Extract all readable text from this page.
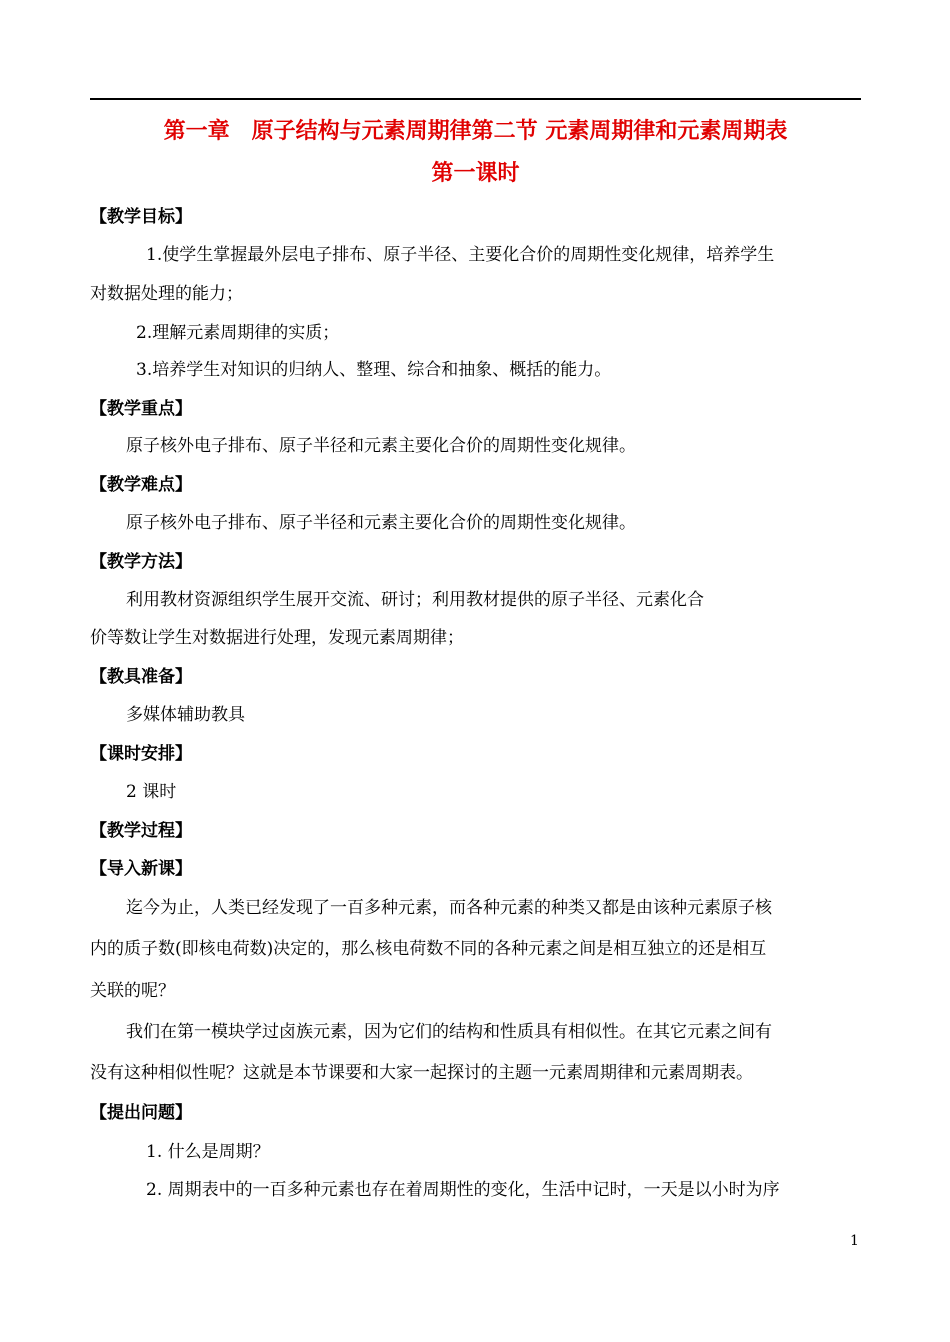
第一章　原子结构与元素周期律第二节 元素周期律和元素周期表
第一课时
【教学目标】
1.使学生掌握最外层电子排布、原子半径、主要化合价的周期性变化规律，培养学生
对数据处理的能力；
2.理解元素周期律的实质；
3.培养学生对知识的归纳人、整理、综合和抽象、概括的能力。
【教学重点】
原子核外电子排布、原子半径和元素主要化合价的周期性变化规律。
【教学难点】
原子核外电子排布、原子半径和元素主要化合价的周期性变化规律。
【教学方法】
利用教材资源组织学生展开交流、研讨；利用教材提供的原子半径、元素化合
价等数让学生对数据进行处理，发现元素周期律；
【教具准备】
多媒体辅助教具
【课时安排】
2 课时
【教学过程】
【导入新课】
迄今为止，人类已经发现了一百多种元素，而各种元素的种类又都是由该种元素原子核
内的质子数(即核电荷数)决定的，那么核电荷数不同的各种元素之间是相互独立的还是相互
关联的呢？
我们在第一模块学过卤族元素，因为它们的结构和性质具有相似性。在其它元素之间有
没有这种相似性呢？这就是本节课要和大家一起探讨的主题一元素周期律和元素周期表。
【提出问题】
1. 什么是周期？
2. 周期表中的一百多种元素也存在着周期性的变化，生活中记时，一天是以小时为序
1
